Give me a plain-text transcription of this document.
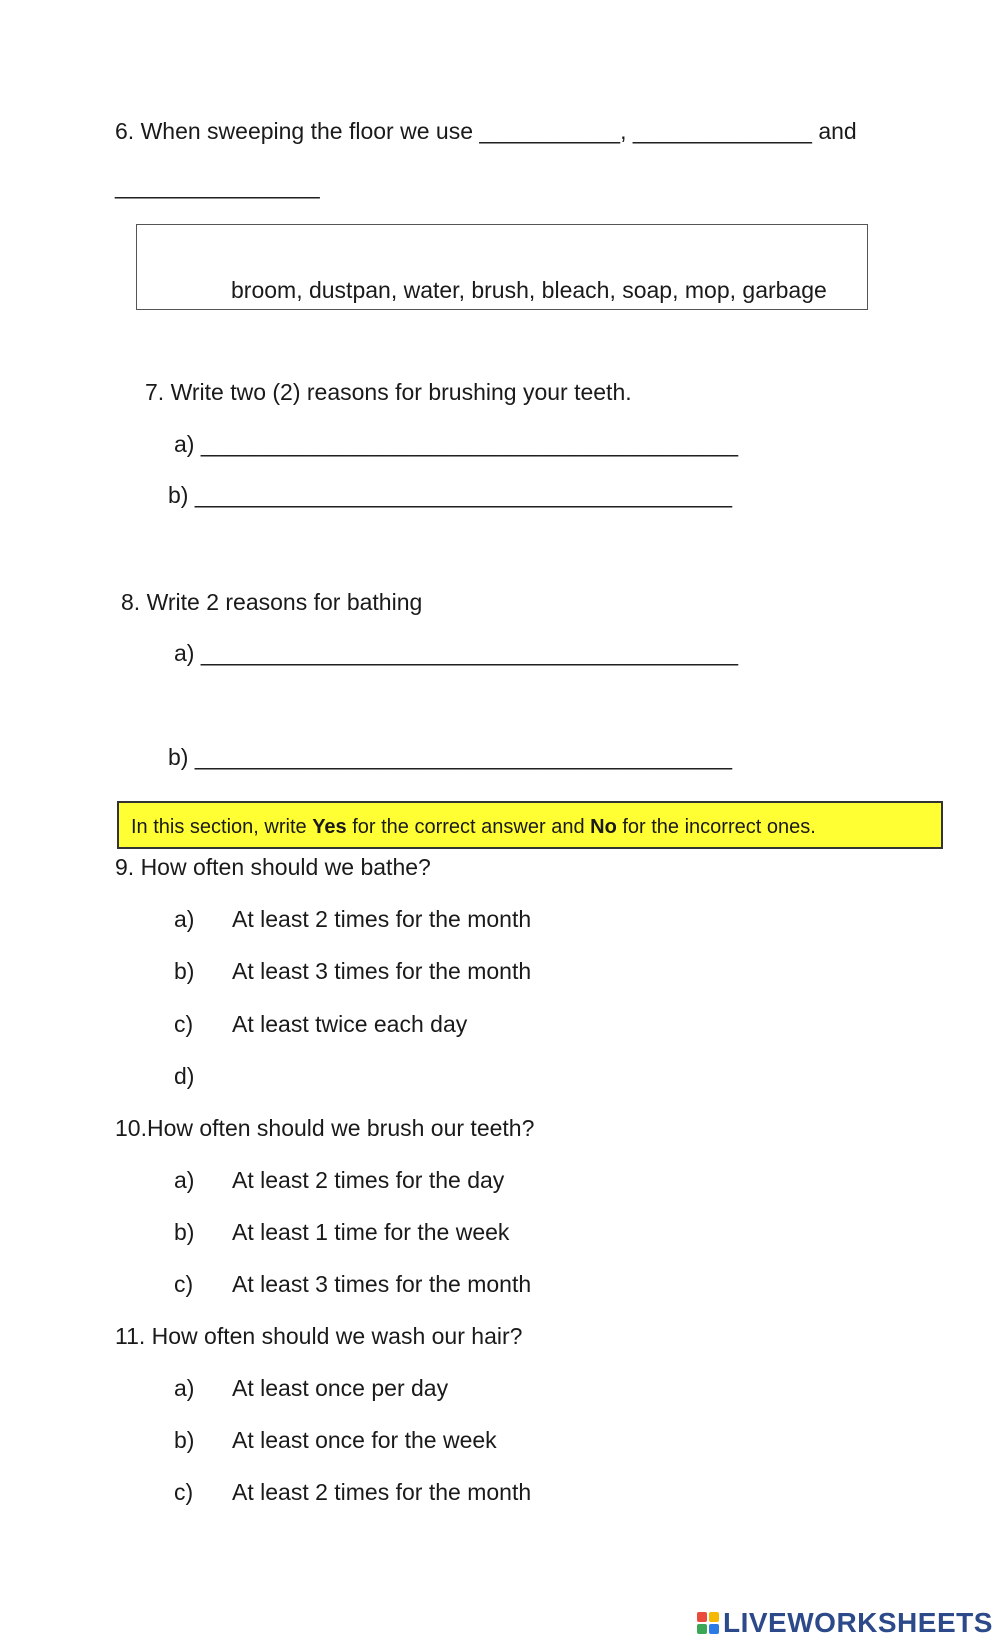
6. When sweeping the floor we use ___________, ______________ and
________________
broom, dustpan, water, brush, bleach, soap, mop, garbage
7. Write two (2) reasons for brushing your teeth.
a) __________________________________________
b) __________________________________________
8. Write 2 reasons for bathing
a) __________________________________________
b) __________________________________________
In this section, write Yes for the correct answer and No for the incorrect ones.
9. How often should we bathe?
a) At least 2 times for the month
b) At least 3 times for the month
c) At least twice each day
d)
10.How often should we brush our teeth?
a) At least 2 times for the day
b) At least 1 time for the week
c) At least 3 times for the month
11. How often should we wash our hair?
a) At least once per day
b) At least once for the week
c) At least 2 times for the month
LIVEWORKSHEETS
